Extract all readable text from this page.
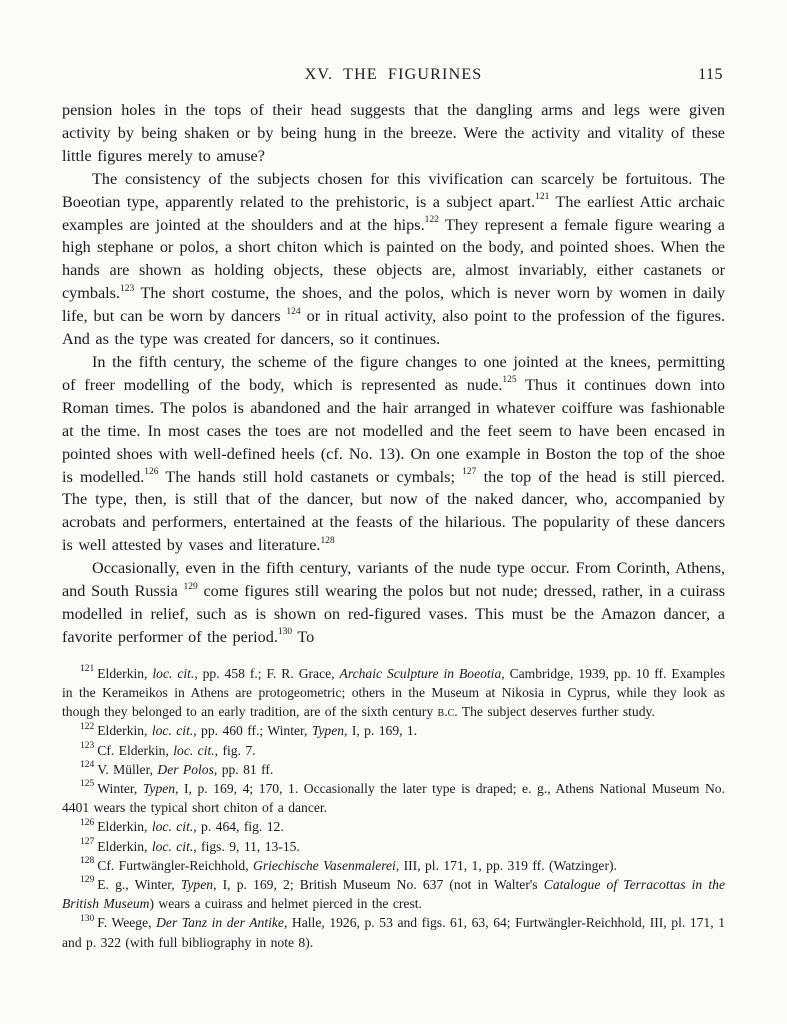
XV. THE FIGURINES	115

pension holes in the tops of their head suggests that the dangling arms and legs were given activity by being shaken or by being hung in the breeze. Were the activity and vitality of these little figures merely to amuse?

The consistency of the subjects chosen for this vivification can scarcely be fortuitous. The Boeotian type, apparently related to the prehistoric, is a subject apart.$^{121}$ The earliest Attic archaic examples are jointed at the shoulders and at the hips.$^{122}$ They represent a female figure wearing a high stephane or polos, a short chiton which is painted on the body, and pointed shoes. When the hands are shown as holding objects, these objects are, almost invariably, either castanets or cymbals.$^{123}$ The short costume, the shoes, and the polos, which is never worn by women in daily life, but can be worn by dancers $^{124}$ or in ritual activity, also point to the profession of the figures. And as the type was created for dancers, so it continues.

In the fifth century, the scheme of the figure changes to one jointed at the knees, permitting of freer modelling of the body, which is represented as nude.$^{125}$ Thus it continues down into Roman times. The polos is abandoned and the hair arranged in whatever coiffure was fashionable at the time. In most cases the toes are not modelled and the feet seem to have been encased in pointed shoes with well-defined heels (cf. No. 13). On one example in Boston the top of the shoe is modelled.$^{126}$ The hands still hold castanets or cymbals; $^{127}$ the top of the head is still pierced. The type, then, is still that of the dancer, but now of the naked dancer, who, accompanied by acrobats and performers, entertained at the feasts of the hilarious. The popularity of these dancers is well attested by vases and literature.$^{128}$

Occasionally, even in the fifth century, variants of the nude type occur. From Corinth, Athens, and South Russia $^{129}$ come figures still wearing the polos but not nude; dressed, rather, in a cuirass modelled in relief, such as is shown on red-figured vases. This must be the Amazon dancer, a favorite performer of the period.$^{130}$ To

$^{121}$ Elderkin, loc. cit., pp. 458 f.; F. R. Grace, Archaic Sculpture in Boeotia, Cambridge, 1939, pp. 10 ff. Examples in the Kerameikos in Athens are protogeometric; others in the Museum at Nikosia in Cyprus, while they look as though they belonged to an early tradition, are of the sixth century b.c. The subject deserves further study.

$^{122}$ Elderkin, loc. cit., pp. 460 ff.; Winter, Typen, I, p. 169, 1.

$^{123}$ Cf. Elderkin, loc. cit., fig. 7.

$^{124}$ V. Müller, Der Polos, pp. 81 ff.

$^{125}$ Winter, Typen, I, p. 169, 4; 170, 1. Occasionally the later type is draped; e. g., Athens National Museum No. 4401 wears the typical short chiton of a dancer.

$^{126}$ Elderkin, loc. cit., p. 464, fig. 12.

$^{127}$ Elderkin, loc. cit., figs. 9, 11, 13-15.

$^{128}$ Cf. Furtwängler-Reichhold, Griechische Vasenmalerei, III, pl. 171, 1, pp. 319 ff. (Watzinger).

$^{129}$ E. g., Winter, Typen, I, p. 169, 2; British Museum No. 637 (not in Walter's Catalogue of Terracottas in the British Museum) wears a cuirass and helmet pierced in the crest.

$^{130}$ F. Weege, Der Tanz in der Antike, Halle, 1926, p. 53 and figs. 61, 63, 64; Furtwängler-Reichhold, III, pl. 171, 1 and p. 322 (with full bibliography in note 8).
